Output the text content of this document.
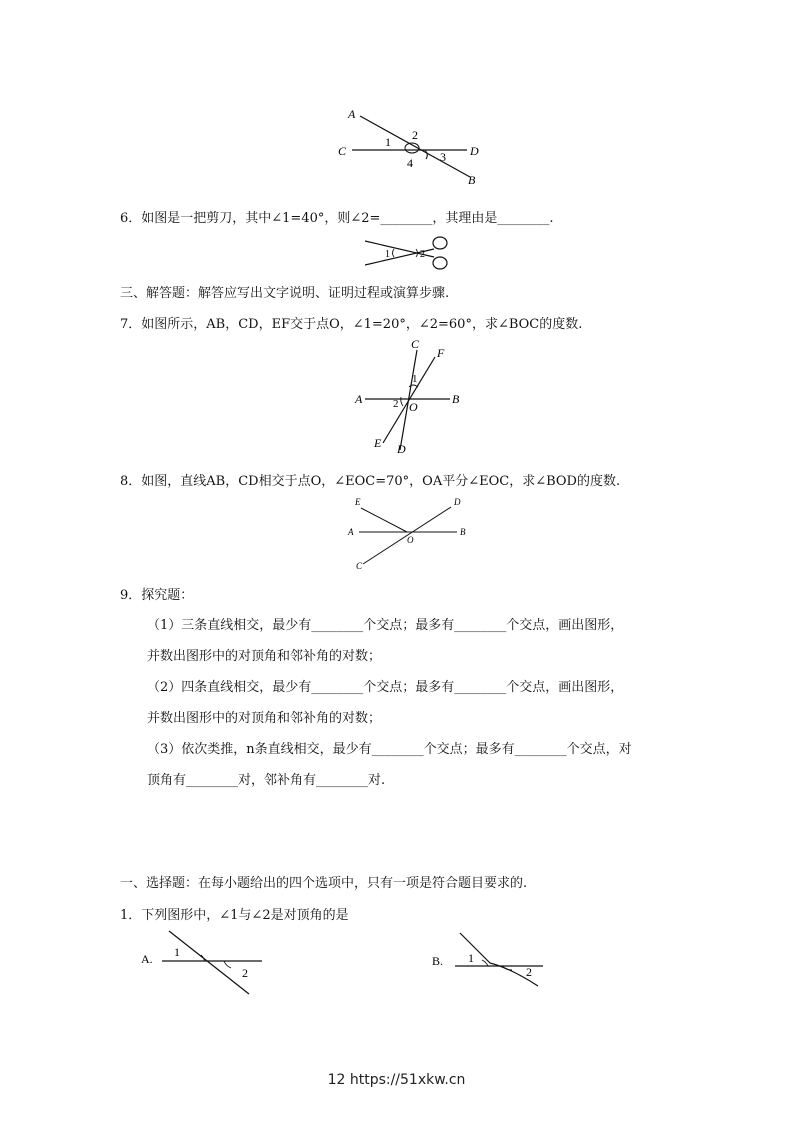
A
C	D
B
1 2
3
4
6．如图是一把剪刀，其中∠1=40°，则∠2=________，其理由是________.
1	2
三、解答题：解答应写出文字说明、证明过程或演算步骤.
7．如图所示，AB，CD，EF交于点O，∠1=20°，∠2=60°，求∠BOC的度数.
C
F
A	B
O
E D
1
2
8．如图，直线AB，CD相交于点O，∠EOC=70°，OA平分∠EOC，求∠BOD的度数.
E	D
A	B
O
C
9．探究题：
（1）三条直线相交，最少有________个交点；最多有________个交点，画出图形，
并数出图形中的对顶角和邻补角的对数；
（2）四条直线相交，最少有________个交点；最多有________个交点，画出图形，
并数出图形中的对顶角和邻补角的对数；
（3）依次类推，n条直线相交，最少有________个交点；最多有________个交点，对
顶角有________对，邻补角有________对.
一、选择题：在每小题给出的四个选项中，只有一项是符合题目要求的.
1．下列图形中，∠1与∠2是对顶角的是
A. 1
2
B. 1
2
12 https://51xkw.cn
